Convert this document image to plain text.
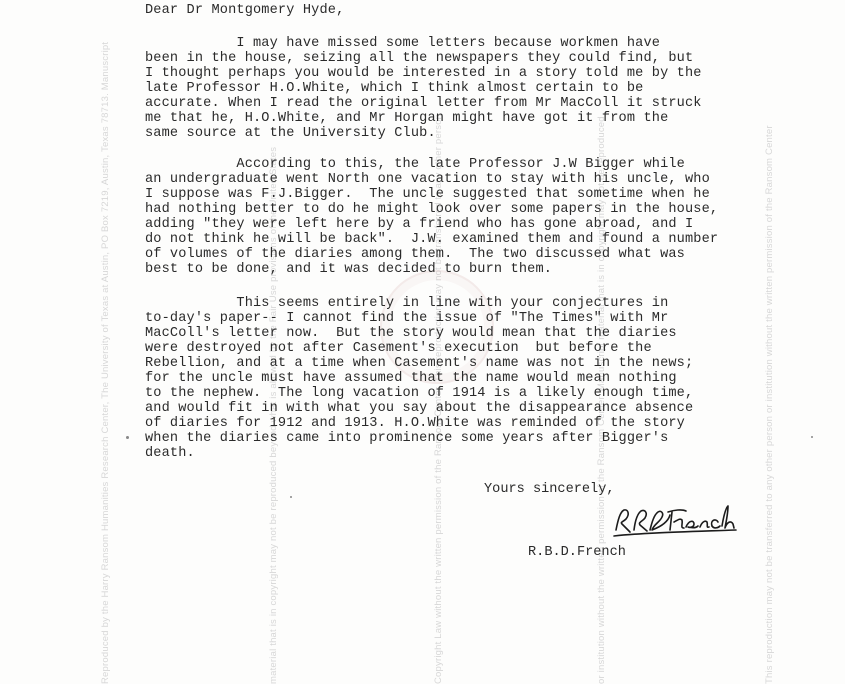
Reproduced by the Harry Ransom Humanities Research Center, The University of Texas at Austin, PO Box 7219, Austin, Texas 78713. Manuscript	material that is in copyright may not be reproduced beyond what is allowed by the Fair Use provisions of the United States	Copyright Law without the written permission of the Ransom Center. This reproduction may not be transferred to any other person	or institution without the written permission of the Ransom Center. Manuscript material that is in copyright may not be reproduced	This reproduction may not be transferred to any other person or institution without the written permission of the Ransom Center
Dear Dr Montgomery Hyde,
I may have missed some letters because workmen have
been in the house, seizing all the newspapers they could find, but
I thought perhaps you would be interested in a story told me by the
late Professor H.O.White, which I think almost certain to be
accurate. When I read the original letter from Mr MacColl it struck
me that he, H.O.White, and Mr Horgan might have got it from the
same source at the University Club.
According to this, the late Professor J.W Bigger while
an undergraduate went North one vacation to stay with his uncle, who
I suppose was F.J.Bigger.  The uncle suggested that sometime when he
had nothing better to do he might look over some papers in the house,
adding "they were left here by a friend who has gone abroad, and I
do not think he will be back".  J.W. examined them and found a number
of volumes of the diaries among them.  The two discussed what was
best to be done, and it was decided to burn them.
This seems entirely in line with your conjectures in
to-day's paper-- I cannot find the issue of "The Times" with Mr
MacColl's letter now.  But the story would mean that the diaries
were destroyed not after Casement's execution  but before the
Rebellion, and at a time when Casement's name was not in the news;
for the uncle must have assumed that the name would mean nothing
to the nephew.  The long vacation of 1914 is a likely enough time,
and would fit in with what you say about the disappearance absence
of diaries for 1912 and 1913. H.O.White was reminded of the story
when the diaries came into prominence some years after Bigger's
death.
Yours sincerely,
R.B.D.French
